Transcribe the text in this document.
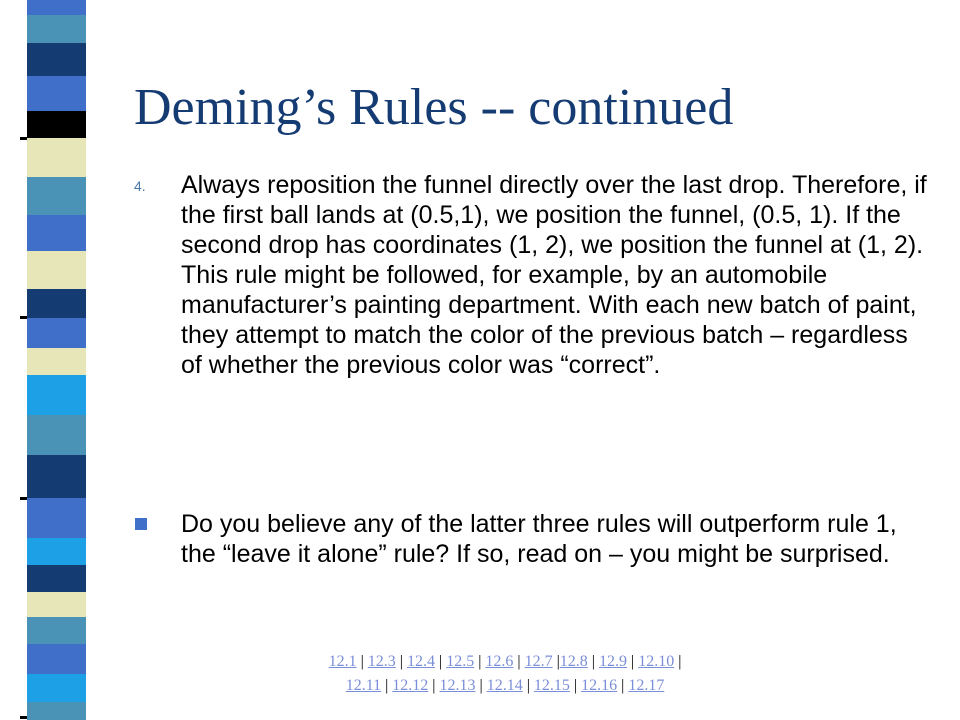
Deming’s Rules -- continued
4. Always reposition the funnel directly over the last drop. Therefore, if the first ball lands at (0.5,1), we position the funnel, (0.5, 1). If the second drop has coordinates (1, 2), we position the funnel at (1, 2). This rule might be followed, for example, by an automobile manufacturer’s painting department. With each new batch of paint, they attempt to match the color of the previous batch – regardless of whether the previous color was “correct”.
Do you believe any of the latter three rules will outperform rule 1, the “leave it alone” rule? If so, read on – you might be surprised.
12.1 | 12.3 | 12.4 | 12.5 | 12.6 | 12.7 |12.8 | 12.9 | 12.10 |
12.11 | 12.12 | 12.13 | 12.14 | 12.15 | 12.16 | 12.17
